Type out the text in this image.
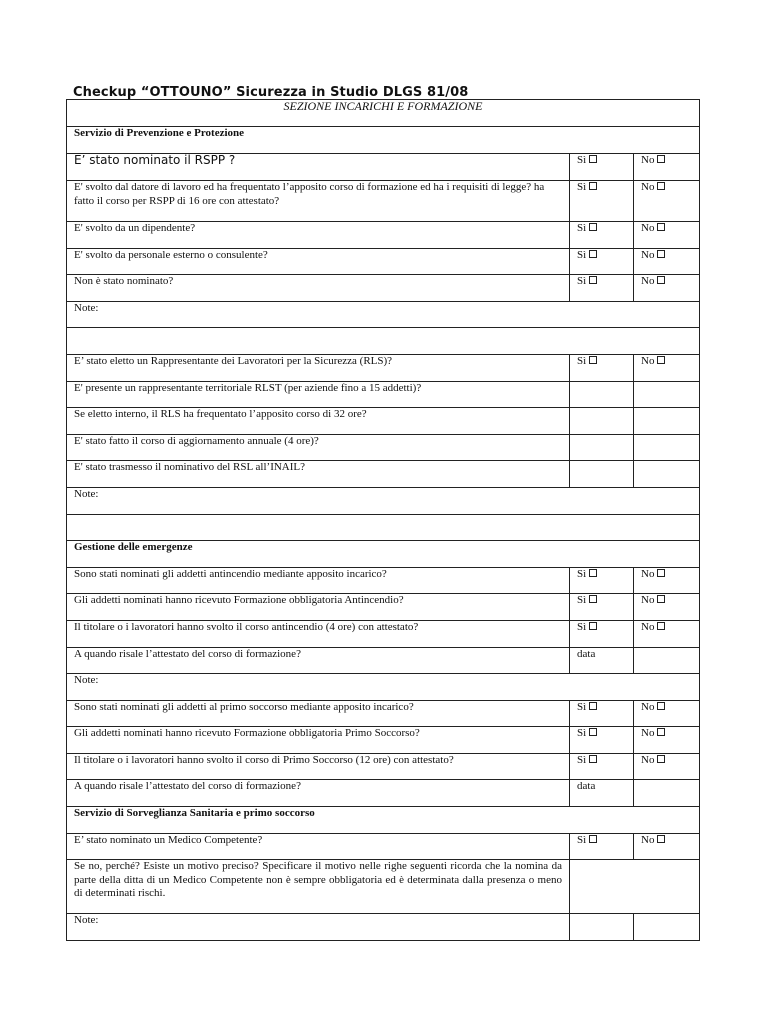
Checkup “OTTOUNO” Sicurezza in Studio DLGS 81/08
SEZIONE INCARICHI E FORMAZIONE		
Servizio di Prevenzione e Protezione		
E’ stato nominato il RSPP ?	Sì	No
E' svolto dal datore di lavoro ed ha frequentato l’apposito corso di formazione ed ha i requisiti di legge? ha fatto il corso per RSPP di 16 ore con attestato?	Sì	No
E' svolto da un dipendente?	Sì	No
E' svolto da personale esterno o consulente?	Sì	No
Non è stato nominato?	Sì	No
Note:		

E’ stato eletto un Rappresentante dei Lavoratori per la Sicurezza (RLS)?	Sì	No
E' presente un rappresentante territoriale RLST (per aziende fino a 15 addetti)?		
Se eletto interno, il RLS ha frequentato l’apposito corso di 32 ore?		
E' stato fatto il corso di aggiornamento annuale (4 ore)?		
E' stato trasmesso il nominativo del RSL all’INAIL?		
Note:		

Gestione delle emergenze		
Sono stati nominati gli addetti antincendio mediante apposito incarico?	Sì	No
Gli addetti nominati hanno ricevuto Formazione obbligatoria Antincendio?	Sì	No
Il titolare o i lavoratori hanno svolto il corso antincendio (4 ore) con attestato?	Sì	No
A quando risale l’attestato del corso di formazione?	data	
Note:		
Sono stati nominati gli addetti al primo soccorso mediante apposito incarico?	Sì	No
Gli addetti nominati hanno ricevuto Formazione obbligatoria Primo Soccorso?	Sì	No
Il titolare o i lavoratori hanno svolto il corso di Primo Soccorso (12 ore) con attestato?	Sì	No
A quando risale l’attestato del corso di formazione?	data	
Servizio di Sorveglianza Sanitaria e primo soccorso		
E’ stato nominato un Medico Competente?	Sì	No
Se no, perché? Esiste un motivo preciso? Specificare il motivo nelle righe seguenti ricorda che la nomina da parte della ditta di un Medico Competente non è sempre obbligatoria ed è determinata dalla presenza o meno di determinati rischi.		
Note:		
